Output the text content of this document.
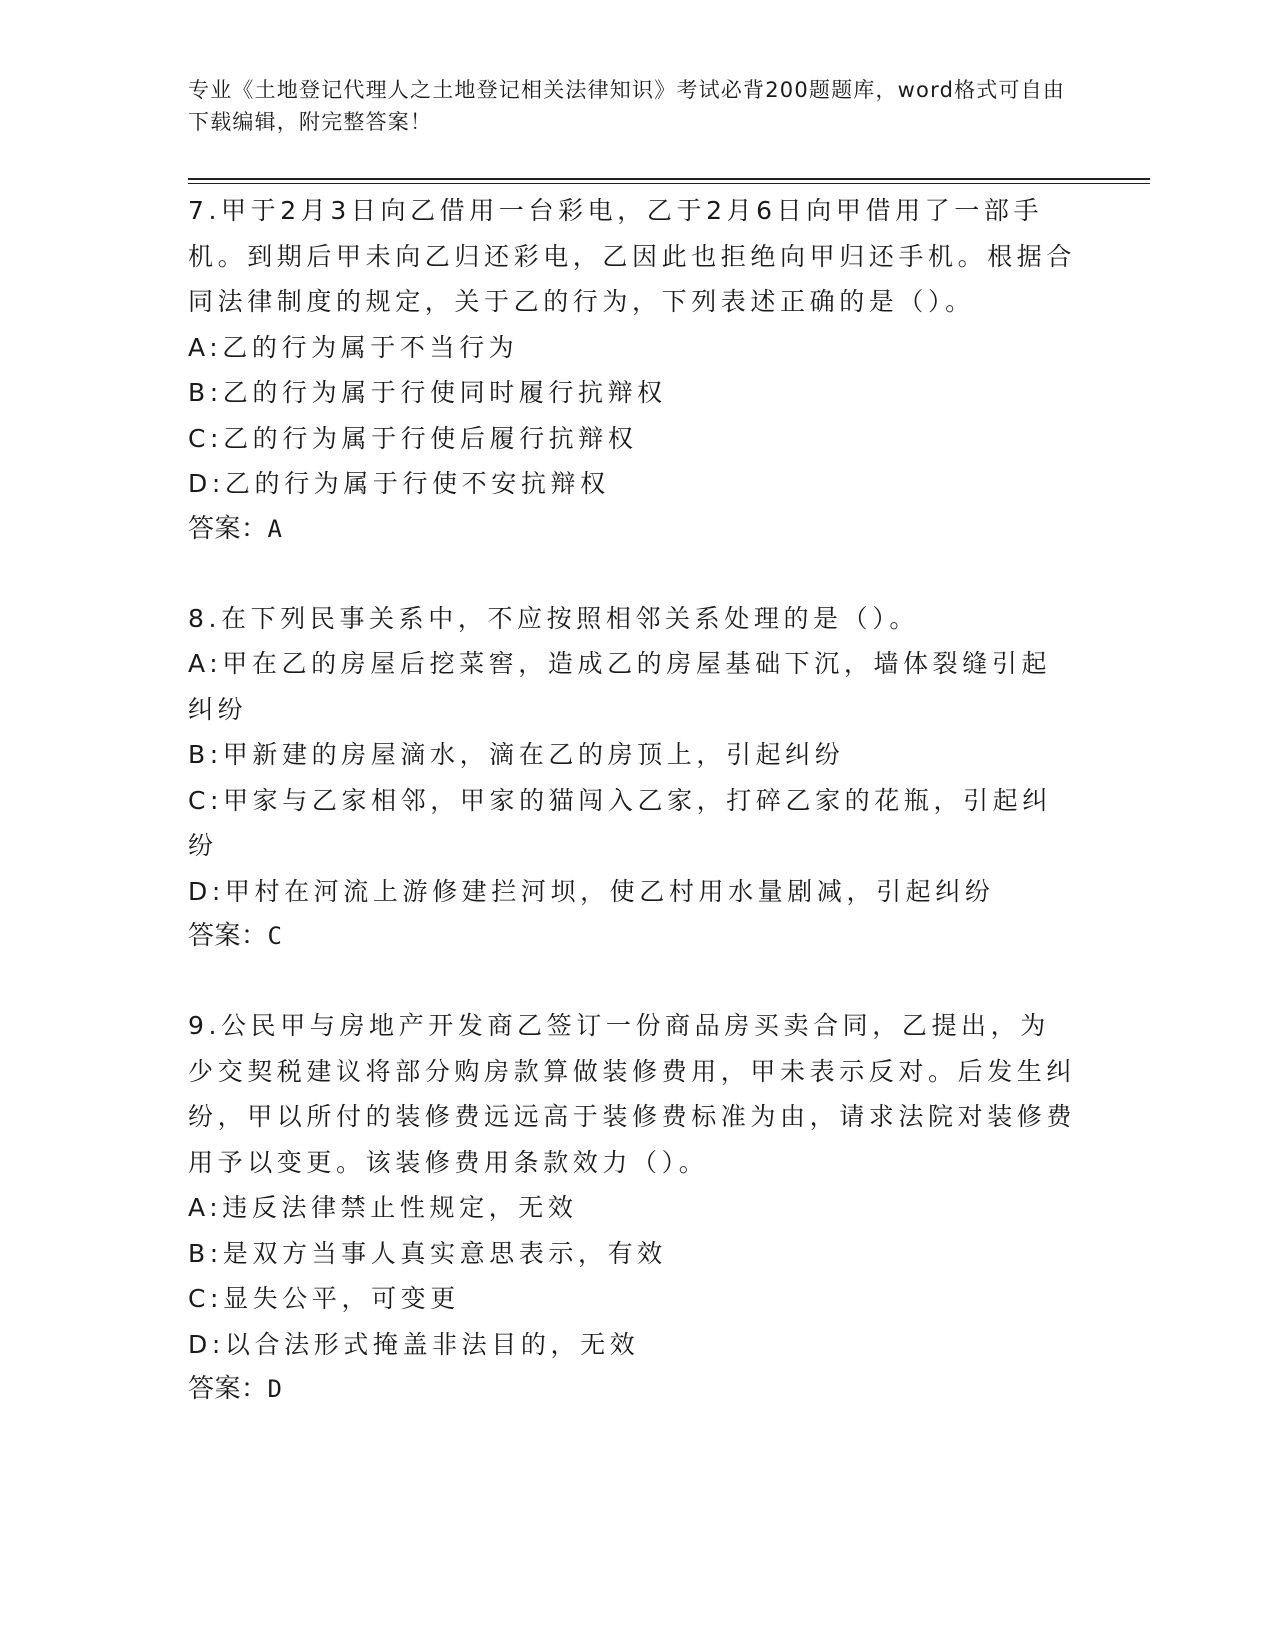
专业《土地登记代理人之土地登记相关法律知识》考试必背200题题库，word格式可自由下载编辑，附完整答案！

7.甲于2月3日向乙借用一台彩电，乙于2月6日向甲借用了一部手机。到期后甲未向乙归还彩电，乙因此也拒绝向甲归还手机。根据合同法律制度的规定，关于乙的行为，下列表述正确的是（）。

A:乙的行为属于不当行为

B:乙的行为属于行使同时履行抗辩权

C:乙的行为属于行使后履行抗辩权

D:乙的行为属于行使不安抗辩权

答案：A

8.在下列民事关系中，不应按照相邻关系处理的是（）。

A:甲在乙的房屋后挖菜窖，造成乙的房屋基础下沉，墙体裂缝引起纠纷

B:甲新建的房屋滴水，滴在乙的房顶上，引起纠纷

C:甲家与乙家相邻，甲家的猫闯入乙家，打碎乙家的花瓶，引起纠纷

D:甲村在河流上游修建拦河坝，使乙村用水量剧减，引起纠纷

答案：C

9.公民甲与房地产开发商乙签订一份商品房买卖合同，乙提出，为少交契税建议将部分购房款算做装修费用，甲未表示反对。后发生纠纷，甲以所付的装修费远远高于装修费标准为由，请求法院对装修费用予以变更。该装修费用条款效力（）。

A:违反法律禁止性规定，无效

B:是双方当事人真实意思表示，有效

C:显失公平，可变更

D:以合法形式掩盖非法目的，无效

答案：D
